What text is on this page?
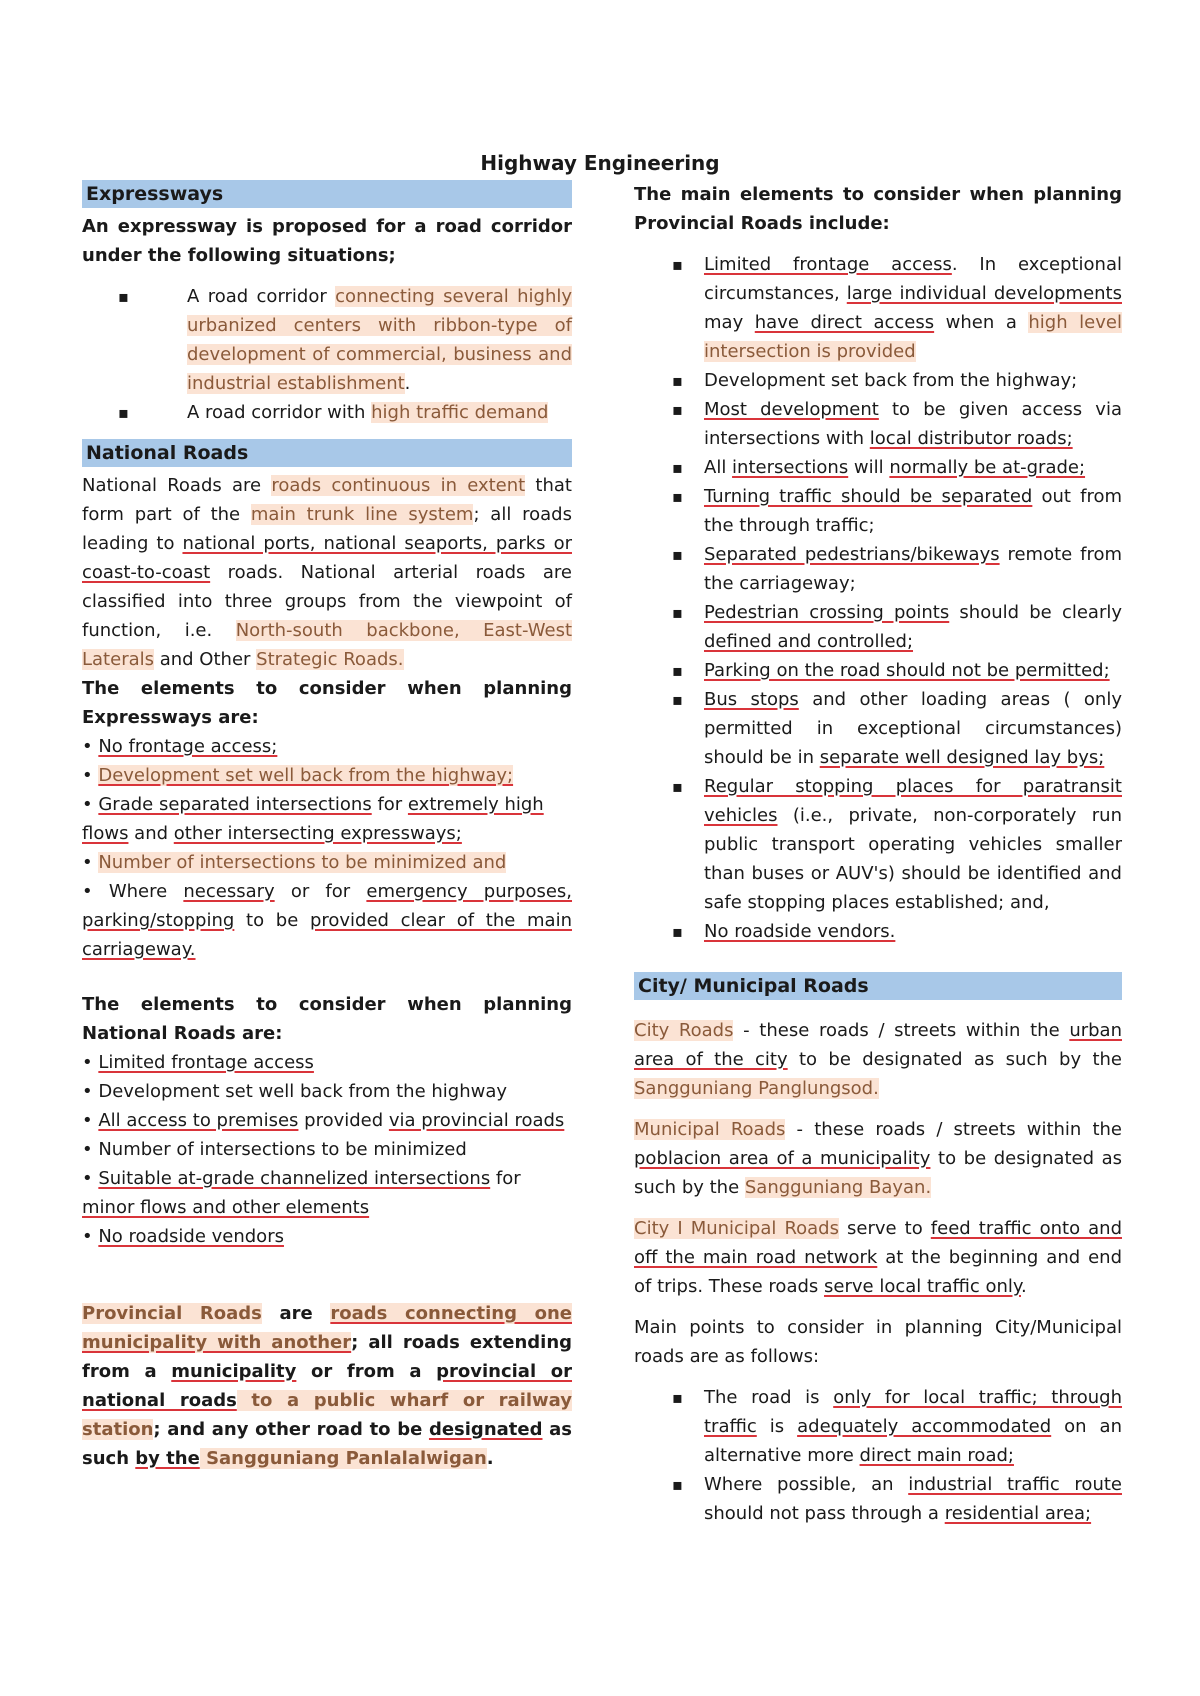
Highway Engineering
Expressways

An expressway is proposed for a road corridor under the following situations;

▪ A road corridor connecting several highly urbanized centers with ribbon-type of development of commercial, business and industrial establishment.
▪ A road corridor with high traffic demand
National Roads

National Roads are roads continuous in extent that form part of the main trunk line system; all roads leading to national ports, national seaports, parks or coast-to-coast roads. National arterial roads are classified into three groups from the viewpoint of function, i.e. North-south backbone, East-West Laterals and Other Strategic Roads.

The elements to consider when planning Expressways are:

• No frontage access;
• Development set well back from the highway;
• Grade separated intersections for extremely high flows and other intersecting expressways;
• Number of intersections to be minimized and
• Where necessary or for emergency purposes, parking/stopping to be provided clear of the main carriageway.

The elements to consider when planning National Roads are:

• Limited frontage access
• Development set well back from the highway
• All access to premises provided via provincial roads
• Number of intersections to be minimized
• Suitable at-grade channelized intersections for minor flows and other elements
• No roadside vendors

Provincial Roads are roads connecting one municipality with another; all roads extending from a municipality or from a provincial or national roads to a public wharf or railway station; and any other road to be designated as such by the Sangguniang Panlalalwigan.

The main elements to consider when planning Provincial Roads include:

▪ Limited frontage access. In exceptional circumstances, large individual developments may have direct access when a high level intersection is provided
▪ Development set back from the highway;
▪ Most development to be given access via intersections with local distributor roads;
▪ All intersections will normally be at-grade;
▪ Turning traffic should be separated out from the through traffic;
▪ Separated pedestrians/bikeways remote from the carriageway;
▪ Pedestrian crossing points should be clearly defined and controlled;
▪ Parking on the road should not be permitted;
▪ Bus stops and other loading areas ( only permitted in exceptional circumstances) should be in separate well designed lay bys;
▪ Regular stopping places for paratransit vehicles (i.e., private, non-corporately run public transport operating vehicles smaller than buses or AUV's) should be identified and safe stopping places established; and,
▪ No roadside vendors.
City/ Municipal Roads

City Roads - these roads / streets within the urban area of the city to be designated as such by the Sangguniang Panglungsod.

Municipal Roads - these roads / streets within the poblacion area of a municipality to be designated as such by the Sangguniang Bayan.

City I Municipal Roads serve to feed traffic onto and off the main road network at the beginning and end of trips. These roads serve local traffic only.

Main points to consider in planning City/Municipal roads are as follows:

▪ The road is only for local traffic; through traffic is adequately accommodated on an alternative more direct main road;
▪ Where possible, an industrial traffic route should not pass through a residential area;
